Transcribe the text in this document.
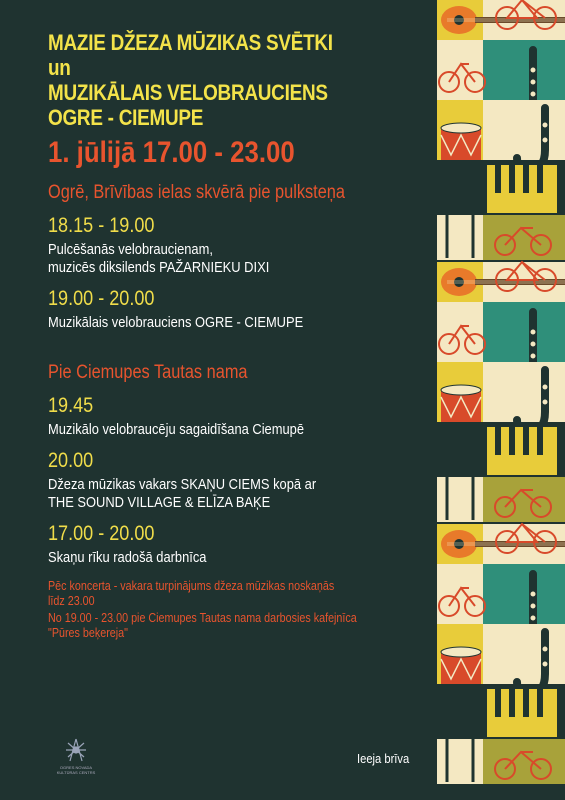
MAZIE DŽEZA MŪZIKAS SVĒTKI
un
MUZIKĀLAIS VELOBRAUCIENS
OGRE - CIEMUPE
1. jūlijā 17.00 - 23.00
Ogrē, Brīvības ielas skvērā pie pulksteņa
18.15 - 19.00
Pulcēšanās velobraucienam,
muzicēs diksilends PAŽARNIEKU DIXI
19.00 - 20.00
Muzikālais velobrauciens OGRE - CIEMUPE
Pie Ciemupes Tautas nama
19.45
Muzikālo velobraucēju sagaidīšana Ciemupē
20.00
Džeza mūzikas vakars SKAŅU CIEMS kopā ar
THE SOUND VILLAGE & ELĪZA BAĶE
17.00 - 20.00
Skaņu rīku radošā darbnīca
Pēc koncerta - vakara turpinājums džeza mūzikas noskaņās
līdz 23.00
No 19.00 - 23.00 pie Ciemupes Tautas nama darbosies kafejnīca
"Pūres beķereja"
OGRES NOVADA
KULTŪRAS CENTRS
Ieeja brīva
